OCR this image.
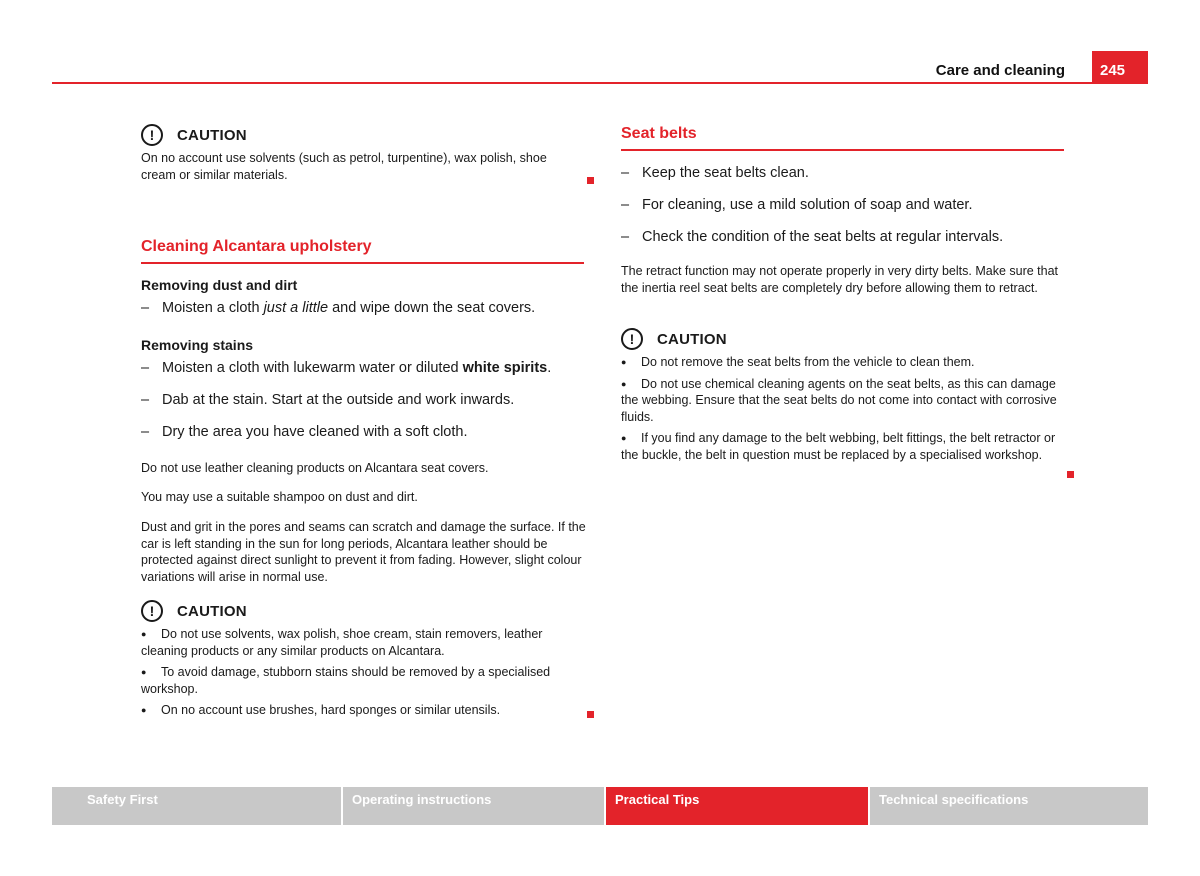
Care and cleaning	245
!	CAUTION
On no account use solvents (such as petrol, turpentine), wax polish, shoe cream or similar materials.
Cleaning Alcantara upholstery
Removing dust and dirt
– Moisten a cloth just a little and wipe down the seat covers.
Removing stains
– Moisten a cloth with lukewarm water or diluted white spirits.
– Dab at the stain. Start at the outside and work inwards.
– Dry the area you have cleaned with a soft cloth.
Do not use leather cleaning products on Alcantara seat covers.
You may use a suitable shampoo on dust and dirt.
Dust and grit in the pores and seams can scratch and damage the surface. If the car is left standing in the sun for long periods, Alcantara leather should be protected against direct sunlight to prevent it from fading. However, slight colour variations will arise in normal use.
!	CAUTION
● Do not use solvents, wax polish, shoe cream, stain removers, leather cleaning products or any similar products on Alcantara.
● To avoid damage, stubborn stains should be removed by a specialised workshop.
● On no account use brushes, hard sponges or similar utensils.
Seat belts
– Keep the seat belts clean.
– For cleaning, use a mild solution of soap and water.
– Check the condition of the seat belts at regular intervals.
The retract function may not operate properly in very dirty belts. Make sure that the inertia reel seat belts are completely dry before allowing them to retract.
!	CAUTION
● Do not remove the seat belts from the vehicle to clean them.
● Do not use chemical cleaning agents on the seat belts, as this can damage the webbing. Ensure that the seat belts do not come into contact with corrosive fluids.
● If you find any damage to the belt webbing, belt fittings, the belt retractor or the buckle, the belt in question must be replaced by a specialised workshop.
Safety First	Operating instructions	Practical Tips	Technical specifications
